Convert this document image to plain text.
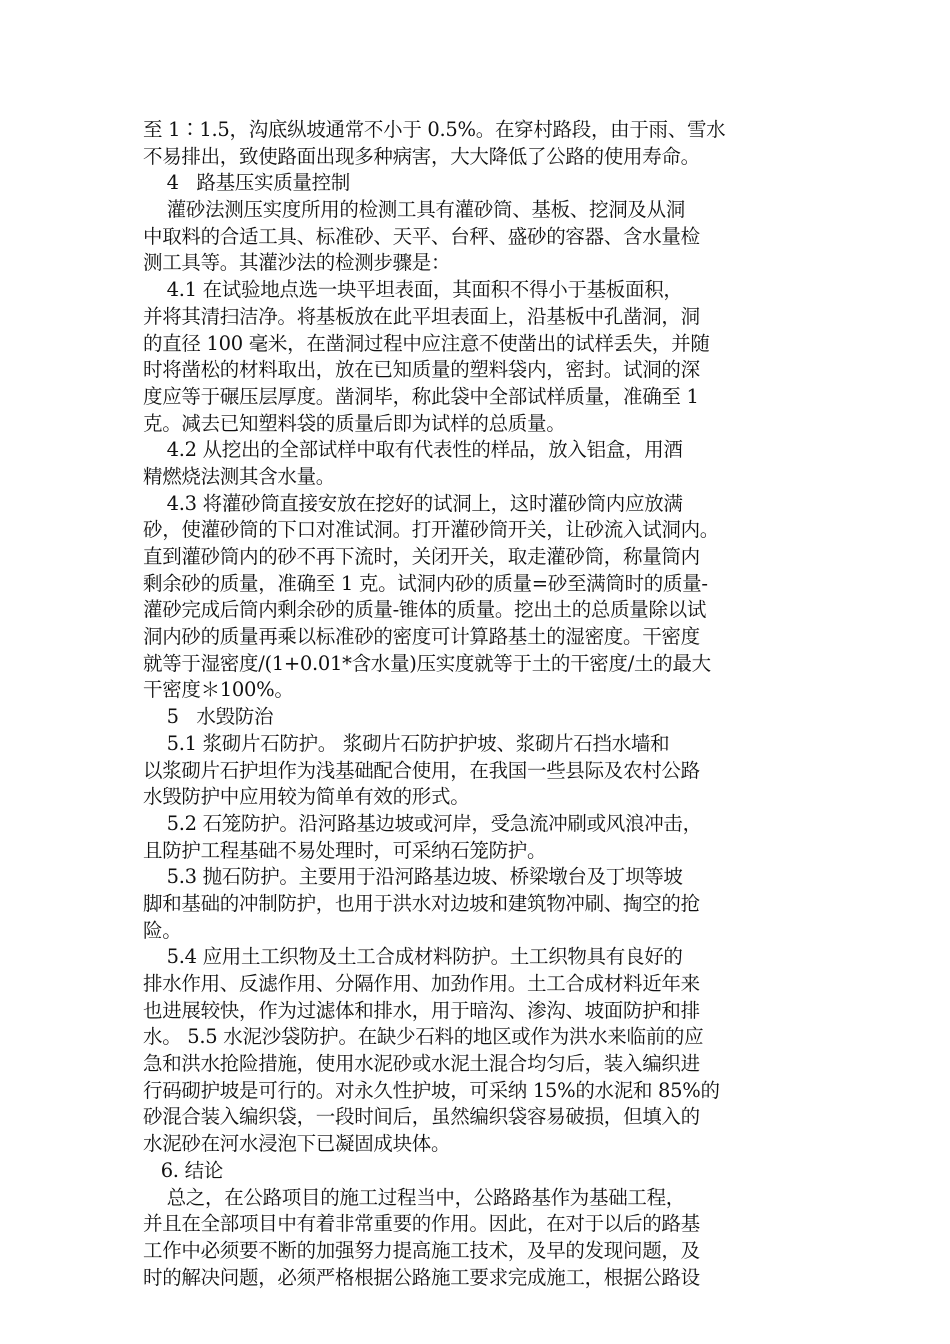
至 1∶1.5，沟底纵坡通常不小于 0.5%。在穿村路段，由于雨、雪水
不易排出，致使路面出现多种病害，大大降低了公路的使用寿命。
4   路基压实质量控制
灌砂法测压实度所用的检测工具有灌砂筒、基板、挖洞及从洞
中取料的合适工具、标准砂、天平、台秤、盛砂的容器、含水量检
测工具等。其灌沙法的检测步骤是：
4.1 在试验地点选一块平坦表面，其面积不得小于基板面积，
并将其清扫洁净。将基板放在此平坦表面上，沿基板中孔凿洞，洞
的直径 100 毫米，在凿洞过程中应注意不使凿出的试样丢失，并随
时将凿松的材料取出，放在已知质量的塑料袋内，密封。试洞的深
度应等于碾压层厚度。凿洞毕，称此袋中全部试样质量，准确至 1
克。减去已知塑料袋的质量后即为试样的总质量。
4.2 从挖出的全部试样中取有代表性的样品，放入铝盒，用酒
精燃烧法测其含水量。
4.3 将灌砂筒直接安放在挖好的试洞上，这时灌砂筒内应放满
砂，使灌砂筒的下口对准试洞。打开灌砂筒开关，让砂流入试洞内。
直到灌砂筒内的砂不再下流时，关闭开关，取走灌砂筒，称量筒内
剩余砂的质量，准确至 1 克。试洞内砂的质量=砂至满筒时的质量-
灌砂完成后筒内剩余砂的质量-锥体的质量。挖出土的总质量除以试
洞内砂的质量再乘以标准砂的密度可计算路基土的湿密度。干密度
就等于湿密度/(1+0.01*含水量)压实度就等于土的干密度/土的最大
干密度＊100%。
5   水毁防治
5.1 浆砌片石防护。 浆砌片石防护护坡、浆砌片石挡水墙和
以浆砌片石护坦作为浅基础配合使用，在我国一些县际及农村公路
水毁防护中应用较为简单有效的形式。
5.2 石笼防护。沿河路基边坡或河岸，受急流冲刷或风浪冲击，
且防护工程基础不易处理时，可采纳石笼防护。
5.3 抛石防护。主要用于沿河路基边坡、桥梁墩台及丁坝等坡
脚和基础的冲制防护，也用于洪水对边坡和建筑物冲刷、掏空的抢
险。
5.4 应用土工织物及土工合成材料防护。土工织物具有良好的
排水作用、反滤作用、分隔作用、加劲作用。土工合成材料近年来
也进展较快，作为过滤体和排水，用于暗沟、渗沟、坡面防护和排
水。 5.5 水泥沙袋防护。在缺少石料的地区或作为洪水来临前的应
急和洪水抢险措施，使用水泥砂或水泥土混合均匀后，装入编织进
行码砌护坡是可行的。对永久性护坡，可采纳 15%的水泥和 85%的
砂混合装入编织袋，一段时间后，虽然编织袋容易破损，但填入的
水泥砂在河水浸泡下已凝固成块体。
6. 结论
总之，在公路项目的施工过程当中，公路路基作为基础工程，
并且在全部项目中有着非常重要的作用。因此，在对于以后的路基
工作中必须要不断的加强努力提高施工技术，及早的发现问题，及
时的解决问题，必须严格根据公路施工要求完成施工，根据公路设
